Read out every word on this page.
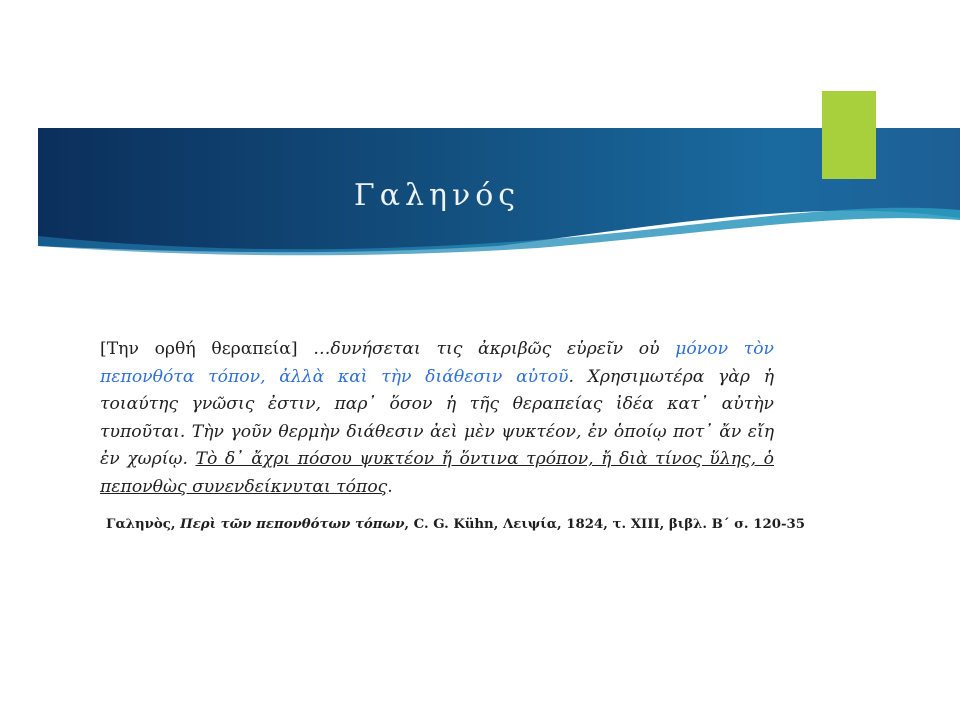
Γαληνός
[Την ορθή θεραπεία] …δυνήσεται τις ἀκριβῶς εὑρεῖν οὐ μόνον τὸν πεπονθότα τόπον, ἀλλὰ καὶ τὴν διάθεσιν αὐτοῦ. Χρησιμωτέρα γὰρ ἡ τοιαύτης γνῶσις ἐστιν, παρ᾽ ὅσον ἡ τῆς θεραπείας ἰδέα κατ᾽ αὐτὴν τυποῦται. Τὴν γοῦν θερμὴν διάθεσιν ἀεὶ μὲν ψυκτέον, ἐν ὁποίῳ ποτ᾽ ἄν εἴη ἐν χωρίῳ. Τὸ δ᾽ ἄχρι πόσου ψυκτέον ἤ ὅντινα τρόπον, ἤ διὰ τίνος ὕλης, ὁ πεπονθὼς συνενδείκνυται τόπος.
Γαληνὸς, Περὶ τῶν πεπονθότων τόπων, C. G. Kühn, Λειψία, 1824, τ. XIII, βιβλ. Β΄ σ. 120-35
